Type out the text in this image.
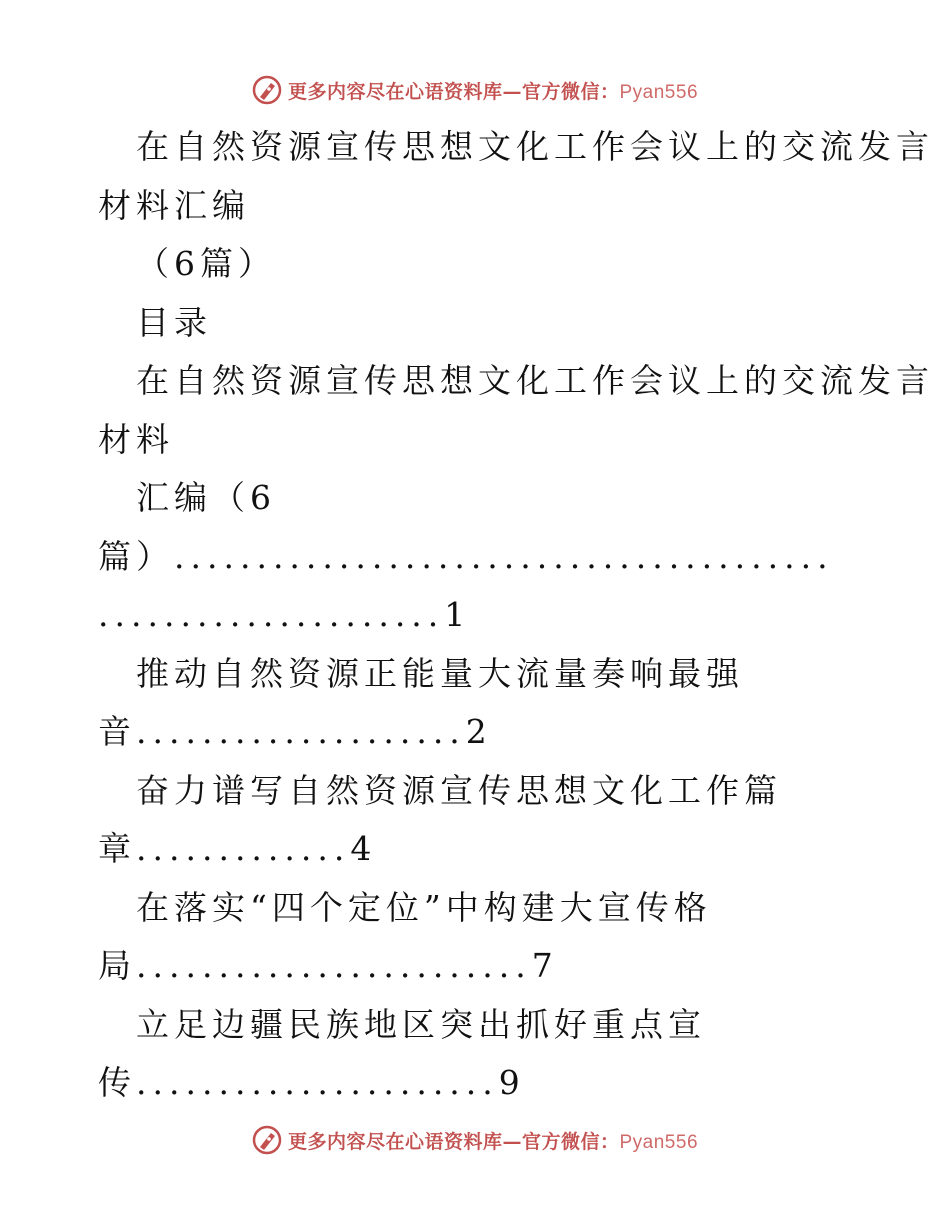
更多内容尽在心语资料库—官方微信：Pyan556
在自然资源宣传思想文化工作会议上的交流发言
材料汇编
（6篇）
目录
在自然资源宣传思想文化工作会议上的交流发言
材料
汇编（6
篇）........................................
.....................1
推动自然资源正能量大流量奏响最强
音....................2
奋力谱写自然资源宣传思想文化工作篇
章.............4
在落实“四个定位”中构建大宣传格
局........................7
立足边疆民族地区突出抓好重点宣
传......................9
更多内容尽在心语资料库—官方微信：Pyan556
